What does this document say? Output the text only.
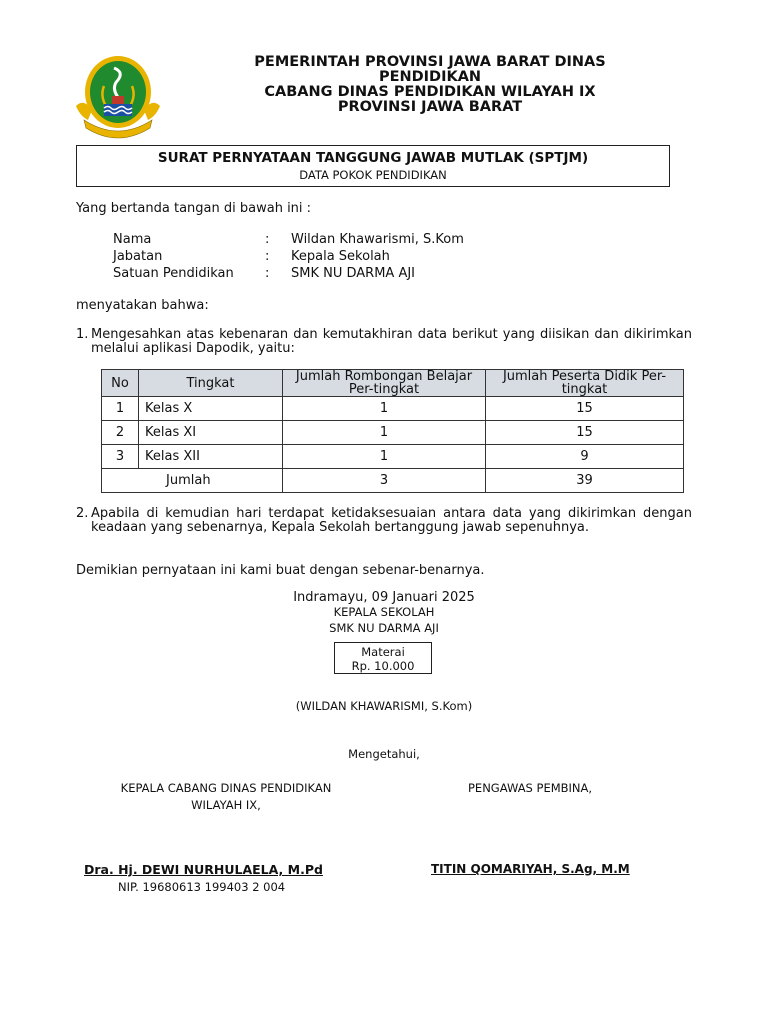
PEMERINTAH PROVINSI JAWA BARAT DINAS
PENDIDIKAN
CABANG DINAS PENDIDIKAN WILAYAH IX
PROVINSI JAWA BARAT
SURAT PERNYATAAN TANGGUNG JAWAB MUTLAK (SPTJM)
DATA POKOK PENDIDIKAN
Yang bertanda tangan di bawah ini :
Nama	:	Wildan Khawarismi, S.Kom
Jabatan	:	Kepala Sekolah
Satuan Pendidikan	:	SMK NU DARMA AJI
menyatakan bahwa:
1. Mengesahkan atas kebenaran dan kemutakhiran data berikut yang diisikan dan dikirimkan melalui aplikasi Dapodik, yaitu:
No	Tingkat	Jumlah Rombongan Belajar Per-tingkat	Jumlah Peserta Didik Per-tingkat
1	Kelas X	1	15
2	Kelas XI	1	15
3	Kelas XII	1	9
Jumlah		3	39
2. Apabila di kemudian hari terdapat ketidaksesuaian antara data yang dikirimkan dengan keadaan yang sebenarnya, Kepala Sekolah bertanggung jawab sepenuhnya.
Demikian pernyataan ini kami buat dengan sebenar-benarnya.
Indramayu, 09 Januari 2025
KEPALA SEKOLAH
SMK NU DARMA AJI
Materai
Rp. 10.000
(WILDAN KHAWARISMI, S.Kom)
Mengetahui,
KEPALA CABANG DINAS PENDIDIKAN
WILAYAH IX,
Dra. Hj. DEWI NURHULAELA, M.Pd
NIP. 19680613 199403 2 004
PENGAWAS PEMBINA,
TITIN QOMARIYAH, S.Ag, M.M
